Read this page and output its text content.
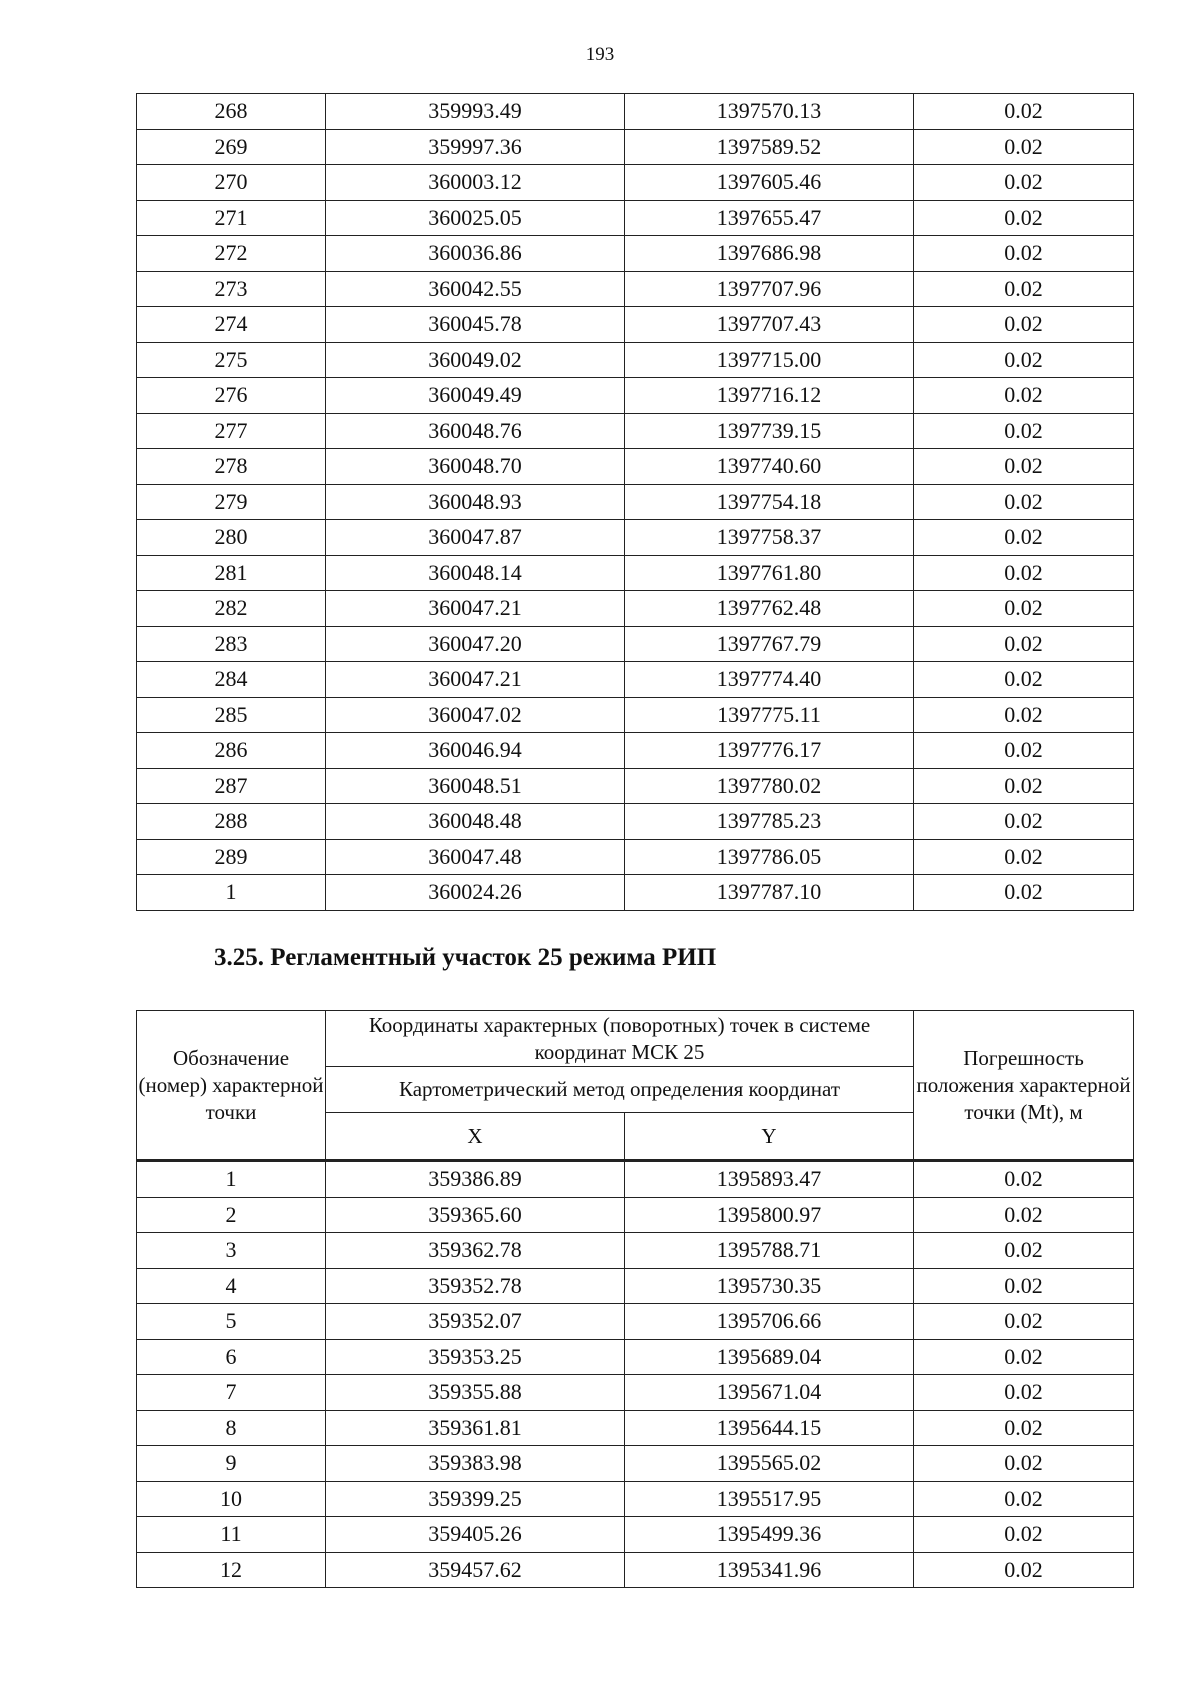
193
268	359993.49	1397570.13	0.02
269	359997.36	1397589.52	0.02
270	360003.12	1397605.46	0.02
271	360025.05	1397655.47	0.02
272	360036.86	1397686.98	0.02
273	360042.55	1397707.96	0.02
274	360045.78	1397707.43	0.02
275	360049.02	1397715.00	0.02
276	360049.49	1397716.12	0.02
277	360048.76	1397739.15	0.02
278	360048.70	1397740.60	0.02
279	360048.93	1397754.18	0.02
280	360047.87	1397758.37	0.02
281	360048.14	1397761.80	0.02
282	360047.21	1397762.48	0.02
283	360047.20	1397767.79	0.02
284	360047.21	1397774.40	0.02
285	360047.02	1397775.11	0.02
286	360046.94	1397776.17	0.02
287	360048.51	1397780.02	0.02
288	360048.48	1397785.23	0.02
289	360047.48	1397786.05	0.02
1	360024.26	1397787.10	0.02
3.25. Регламентный участок 25 режима РИП
Обозначение (номер) характерной точки	Координаты характерных (поворотных) точек в системе координат МСК 25		Погрешность положения характерной точки (Mt), м
	Картометрический метод определения координат		
	X	Y	
1	359386.89	1395893.47	0.02
2	359365.60	1395800.97	0.02
3	359362.78	1395788.71	0.02
4	359352.78	1395730.35	0.02
5	359352.07	1395706.66	0.02
6	359353.25	1395689.04	0.02
7	359355.88	1395671.04	0.02
8	359361.81	1395644.15	0.02
9	359383.98	1395565.02	0.02
10	359399.25	1395517.95	0.02
11	359405.26	1395499.36	0.02
12	359457.62	1395341.96	0.02
